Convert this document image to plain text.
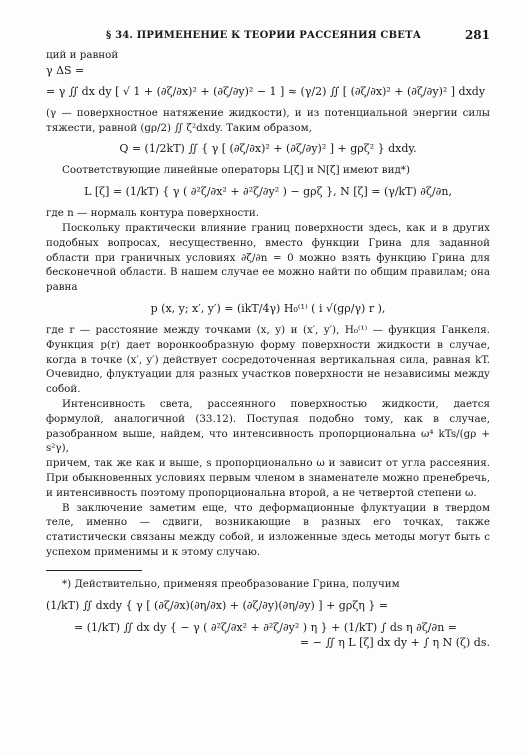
§ 34. ПРИМЕНЕНИЕ К ТЕОРИИ РАССЕЯНИЯ СВЕТА	281

ций и равной

γ ΔS =

= γ ∬ dx dy [ √ 1 + (∂ζ/∂x)² + (∂ζ/∂y)² − 1 ] ≈ (γ/2) ∬ [ (∂ζ/∂x)² + (∂ζ/∂y)² ] dxdy

(γ — поверхностное натяжение жидкости), и из потенциальной энергии силы тяжести, равной (gρ/2) ∬ ζ²dxdy. Таким образом,

Q = (1/2kT) ∬ { γ [ (∂ζ/∂x)² + (∂ζ/∂y)² ] + gρζ² } dxdy.

Соответствующие линейные операторы L[ζ] и N[ζ] имеют вид*)

L [ζ] = (1/kT) { γ ( ∂²ζ/∂x² + ∂²ζ/∂y² ) − gρζ }, N [ζ] = (γ/kT) ∂ζ/∂n,

где n — нормаль контура поверхности.

Поскольку практически влияние границ поверхности здесь, как и в других подобных вопросах, несущественно, вместо функции Грина для заданной области при граничных условиях ∂ζ/∂n = 0 можно взять функцию Грина для бесконечной области. В нашем случае ее можно найти по общим правилам; она равна

p (x, y; x′, y′) = (ikT/4γ) H₀⁽¹⁾ ( i √(gρ/γ) r ),

где r — расстояние между точками (x, y) и (x′, y′), H₀⁽¹⁾ — функция Ганкеля. Функция p(r) дает воронкообразную форму поверхности жидкости в случае, когда в точке (x′, y′) действует сосредоточенная вертикальная сила, равная kT. Очевидно, флуктуации для разных участков поверхности не независимы между собой.

Интенсивность света, рассеянного поверхностью жидкости, дается формулой, аналогичной (33.12). Поступая подобно тому, как в случае, разобранном выше, найдем, что интенсивность пропорциональна ω⁴ kTs/(gρ + s²γ),

причем, так же как и выше, s пропорционально ω и зависит от угла рассеяния. При обыкновенных условиях первым членом в знаменателе можно пренебречь, и интенсивность поэтому пропорциональна второй, а не четвертой степени ω.

В заключение заметим еще, что деформационные флуктуации в твердом теле, именно — сдвиги, возникающие в разных его точках, также статистически связаны между собой, и изложенные здесь методы могут быть с успехом применимы и к этому случаю.

*) Действительно, применяя преобразование Грина, получим

(1/kT) ∬ dxdy { γ [ (∂ζ/∂x)(∂η/∂x) + (∂ζ/∂y)(∂η/∂y) ] + gρζη } =

= (1/kT) ∬ dx dy { − γ ( ∂²ζ/∂x² + ∂²ζ/∂y² ) η } + (1/kT) ∫ ds η ∂ζ/∂n =

= − ∬ η L [ζ] dx dy + ∫ η N (ζ) ds.
